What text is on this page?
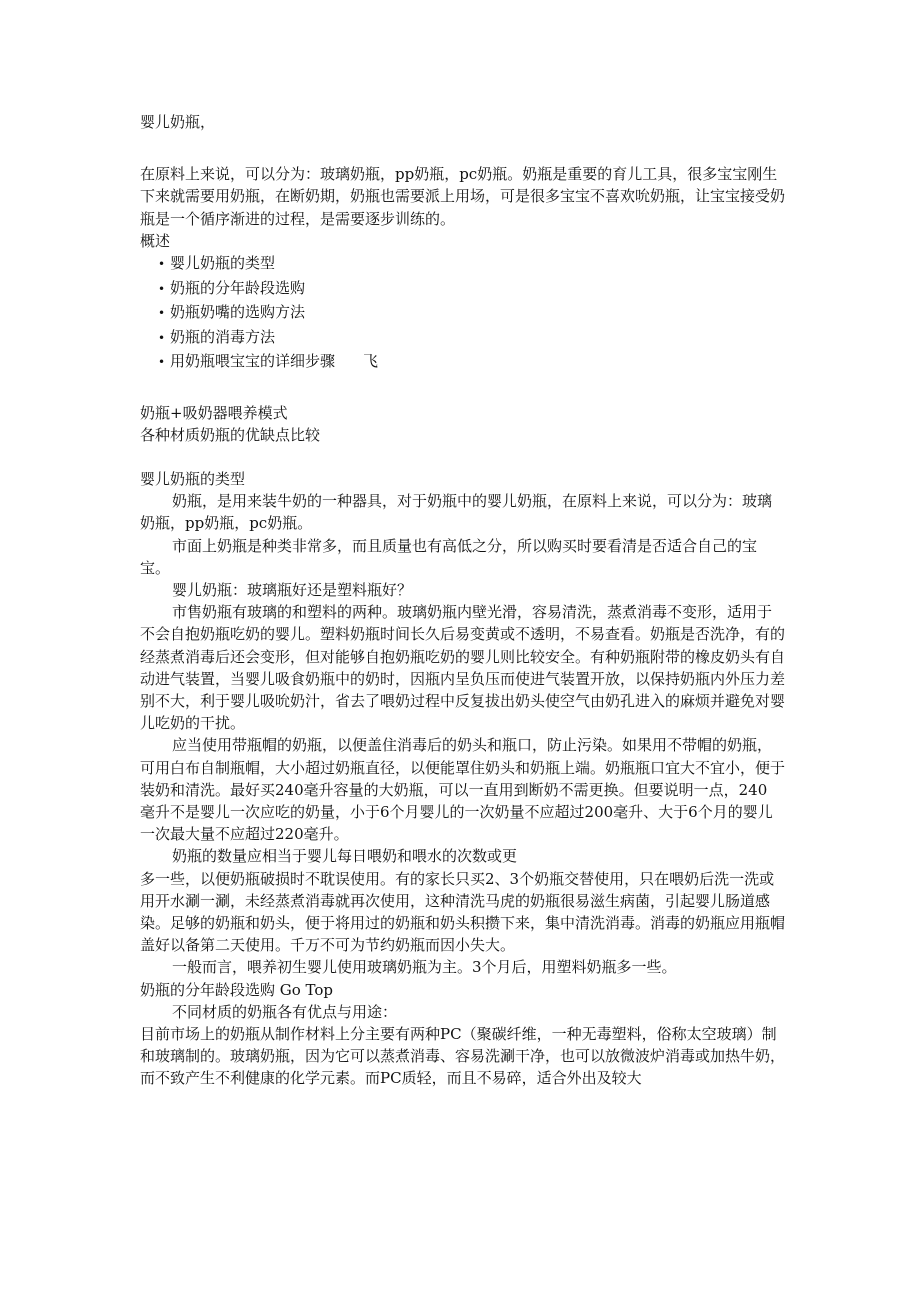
婴儿奶瓶，

在原料上来说，可以分为：玻璃奶瓶，pp奶瓶，pc奶瓶。奶瓶是重要的育儿工具，很多宝宝刚生下来就需要用奶瓶，在断奶期，奶瓶也需要派上用场，可是很多宝宝不喜欢吮奶瓶，让宝宝接受奶瓶是一个循序渐进的过程，是需要逐步训练的。

概述

• 婴儿奶瓶的类型
• 奶瓶的分年龄段选购
• 奶瓶奶嘴的选购方法
• 奶瓶的消毒方法
• 用奶瓶喂宝宝的详细步骤 飞

奶瓶+吸奶器喂养模式

各种材质奶瓶的优缺点比较

婴儿奶瓶的类型

奶瓶，是用来装牛奶的一种器具，对于奶瓶中的婴儿奶瓶，在原料上来说，可以分为：玻璃奶瓶，pp奶瓶，pc奶瓶。

市面上奶瓶是种类非常多，而且质量也有高低之分，所以购买时要看清是否适合自己的宝宝。

婴儿奶瓶：玻璃瓶好还是塑料瓶好？

市售奶瓶有玻璃的和塑料的两种。玻璃奶瓶内壁光滑，容易清洗，蒸煮消毒不变形，适用于不会自抱奶瓶吃奶的婴儿。塑料奶瓶时间长久后易变黄或不透明，不易查看。奶瓶是否洗净，有的经蒸煮消毒后还会变形，但对能够自抱奶瓶吃奶的婴儿则比较安全。有种奶瓶附带的橡皮奶头有自动进气装置，当婴儿吸食奶瓶中的奶时，因瓶内呈负压而使进气装置开放，以保持奶瓶内外压力差别不大，利于婴儿吸吮奶汁，省去了喂奶过程中反复拔出奶头使空气由奶孔进入的麻烦并避免对婴儿吃奶的干扰。

应当使用带瓶帽的奶瓶，以便盖住消毒后的奶头和瓶口，防止污染。如果用不带帽的奶瓶，可用白布自制瓶帽，大小超过奶瓶直径，以便能罩住奶头和奶瓶上端。奶瓶瓶口宜大不宜小，便于装奶和清洗。最好买240毫升容量的大奶瓶，可以一直用到断奶不需更换。但要说明一点，240

毫升不是婴儿一次应吃的奶量，小于6个月婴儿的一次奶量不应超过200毫升、大于6个月的婴儿一次最大量不应超过220毫升。

奶瓶的数量应相当于婴儿每日喂奶和喂水的次数或更

多一些，以便奶瓶破损时不耽误使用。有的家长只买2、3个奶瓶交替使用，只在喂奶后洗一洗或用开水涮一涮，未经蒸煮消毒就再次使用，这种清洗马虎的奶瓶很易滋生病菌，引起婴儿肠道感染。足够的奶瓶和奶头，便于将用过的奶瓶和奶头积攒下来，集中清洗消毒。消毒的奶瓶应用瓶帽盖好以备第二天使用。千万不可为节约奶瓶而因小失大。

一般而言，喂养初生婴儿使用玻璃奶瓶为主。3个月后，用塑料奶瓶多一些。

奶瓶的分年龄段选购 Go Top

不同材质的奶瓶各有优点与用途：

目前市场上的奶瓶从制作材料上分主要有两种PC（聚碳纤维，一种无毒塑料，俗称太空玻璃）制和玻璃制的。玻璃奶瓶，因为它可以蒸煮消毒、容易洗涮干净，也可以放微波炉消毒或加热牛奶，而不致产生不利健康的化学元素。而PC质轻，而且不易碎，适合外出及较大
